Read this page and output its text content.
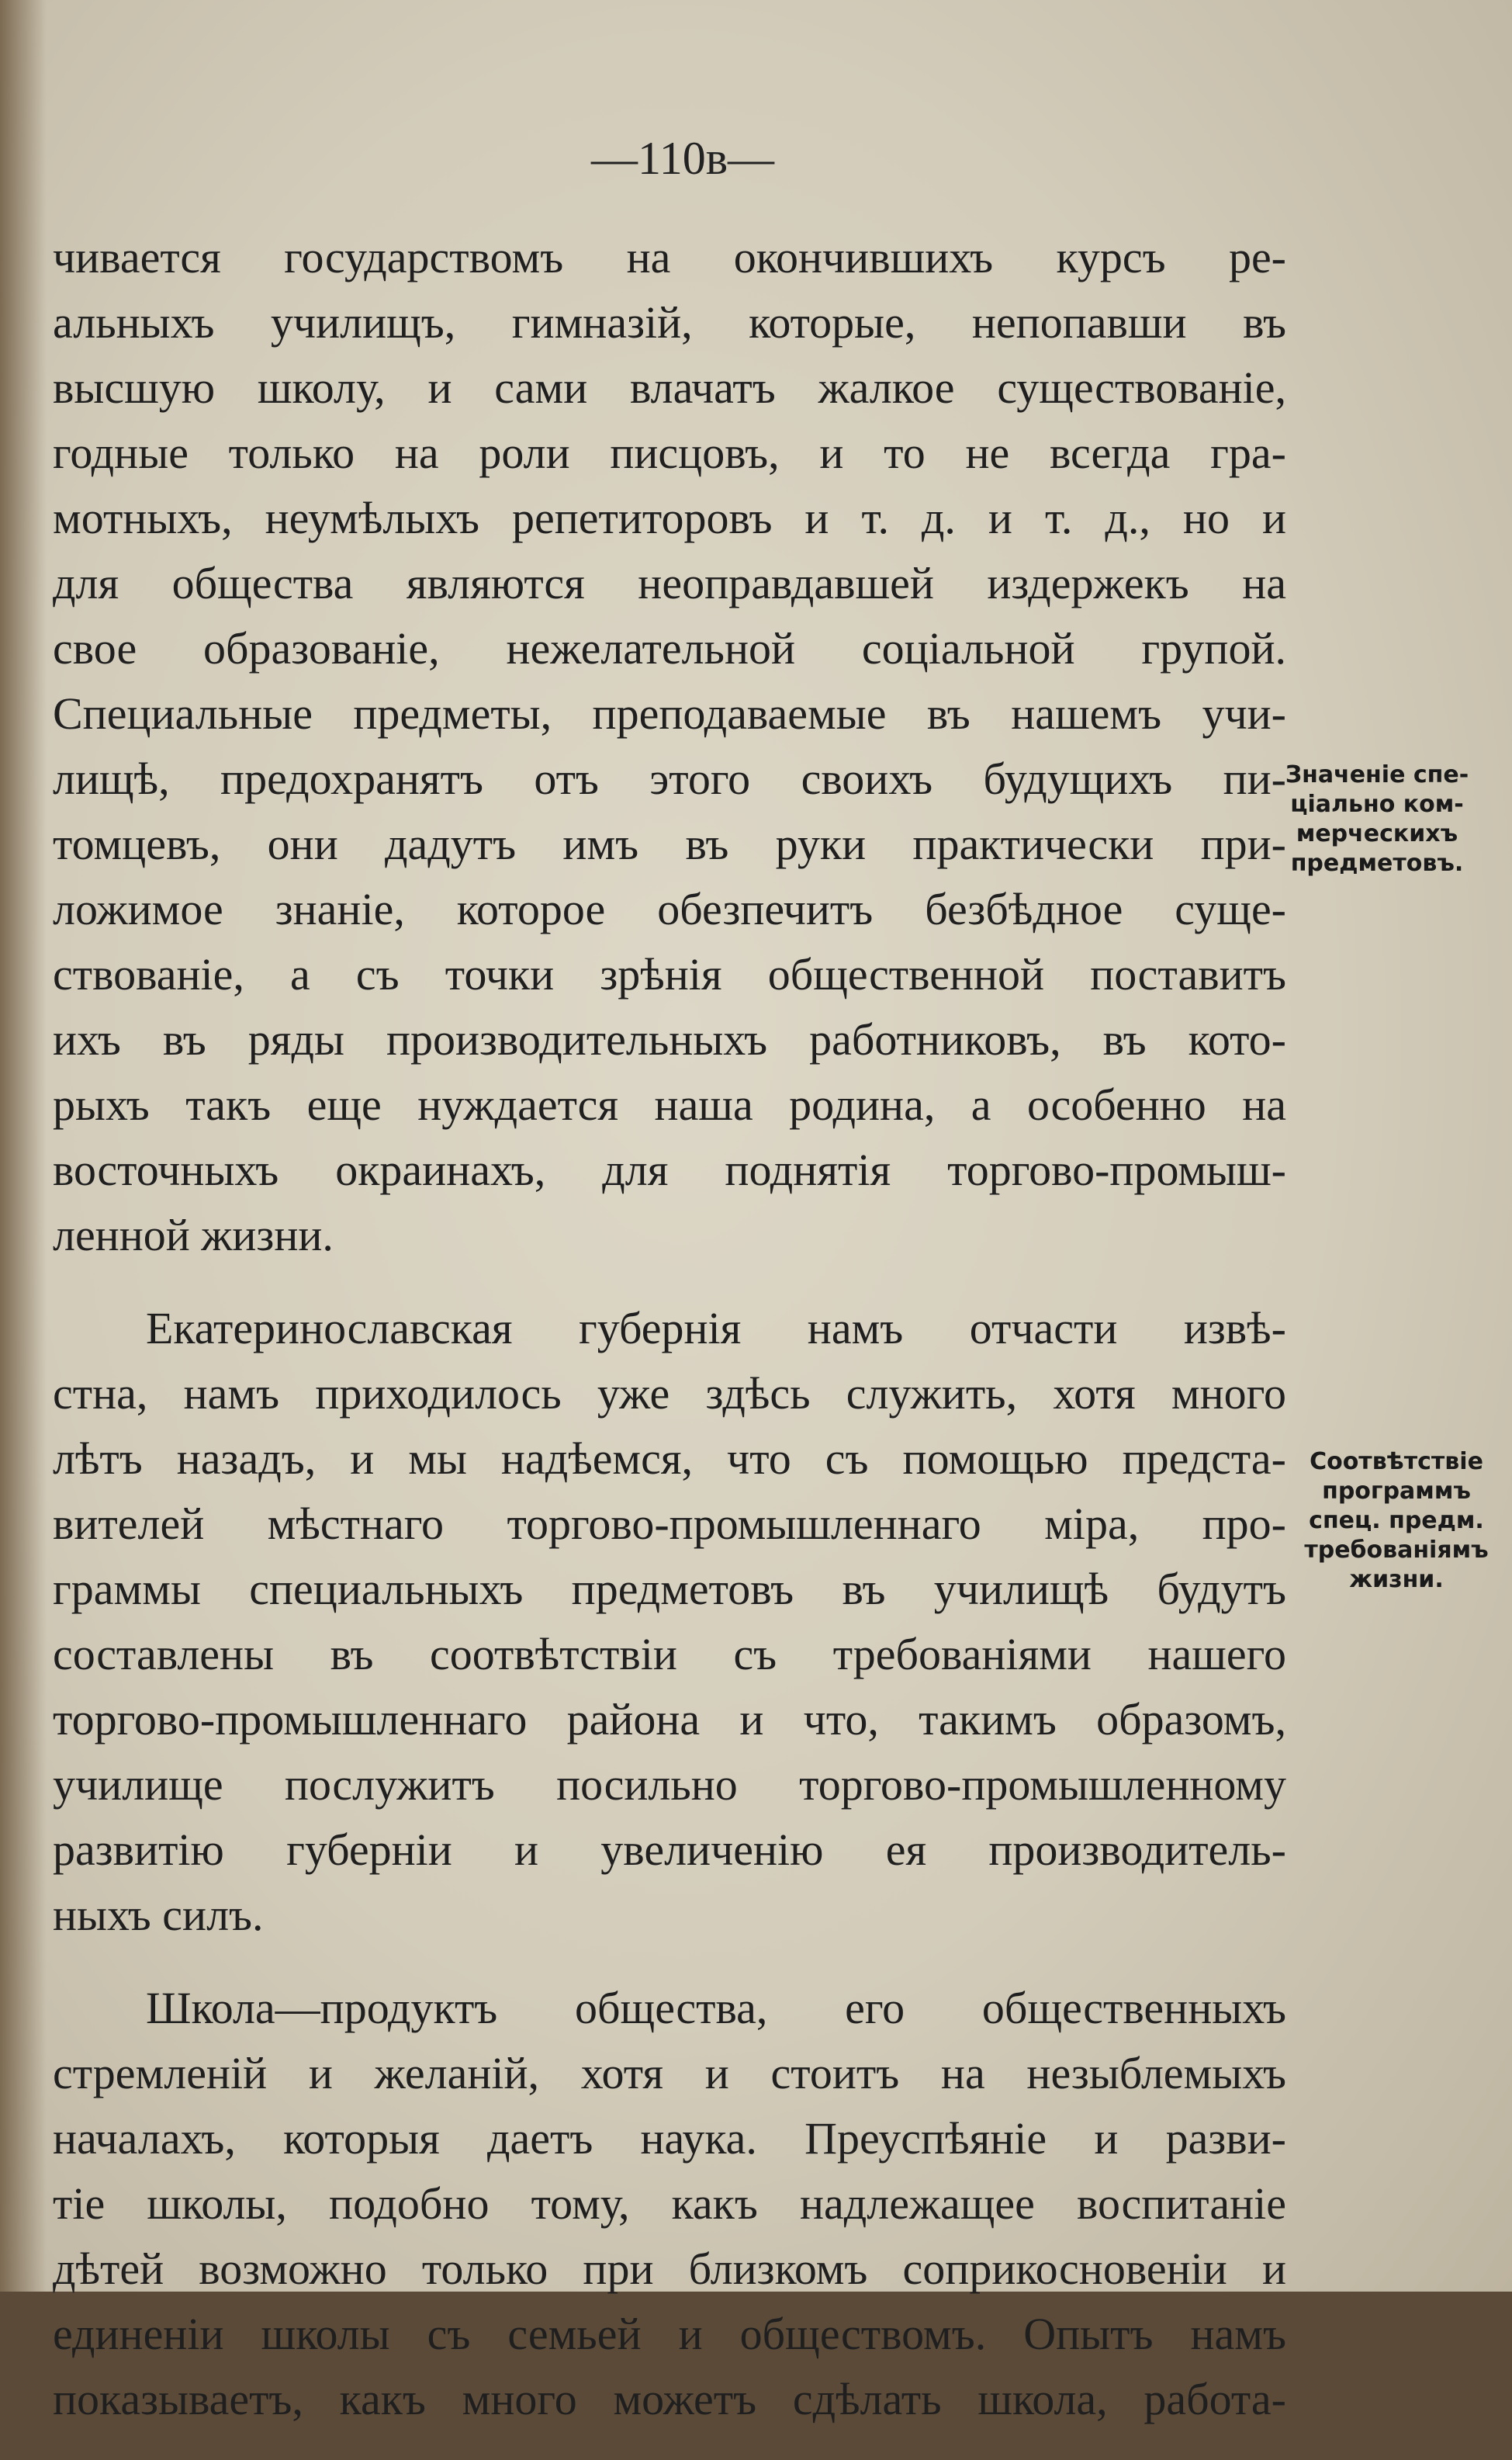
—110в—
чивается государствомъ на окончившихъ курсъ ре-
альныхъ училищъ, гимназій, которые, непопавши въ
высшую школу, и сами влачатъ жалкое существованіе,
годные только на роли писцовъ, и то не всегда гра-
мотныхъ, неумѣлыхъ репетиторовъ и т. д. и т. д., но и
для общества являются неоправдавшей издержекъ на
свое образованіе, нежелательной соціальной групой.
Специальные предметы, преподаваемые въ нашемъ учи-
лищѣ, предохранятъ отъ этого своихъ будущихъ пи-
томцевъ, они дадутъ имъ въ руки практически при-
ложимое знаніе, которое обезпечитъ безбѣдное суще-
ствованіе, а съ точки зрѣнія общественной поставитъ
ихъ въ ряды производительныхъ работниковъ, въ кото-
рыхъ такъ еще нуждается наша родина, а особенно на
восточныхъ окраинахъ, для поднятія торгово-промыш-
ленной жизни.
Екатеринославская губернія намъ отчасти извѣ-
стна, намъ приходилось уже здѣсь служить, хотя много
лѣтъ назадъ, и мы надѣемся, что съ помощью предста-
вителей мѣстнаго торгово-промышленнаго міра, про-
граммы специальныхъ предметовъ въ училищѣ будутъ
составлены въ соотвѣтствіи съ требованіями нашего
торгово-промышленнаго района и что, такимъ образомъ,
училище послужитъ посильно торгово-промышленному
развитію губерніи и увеличенію ея производитель-
ныхъ силъ.
Школа—продуктъ общества, его общественныхъ
стремленій и желаній, хотя и стоитъ на незыблемыхъ
началахъ, которыя даетъ наука. Преуспѣяніе и разви-
тіе школы, подобно тому, какъ надлежащее воспитаніе
дѣтей возможно только при близкомъ соприкосновеніи и
единеніи школы съ семьей и обществомъ. Опытъ намъ
показываетъ, какъ много можетъ сдѣлать школа, работа-
Значеніе спе-
ціально ком-
мерческихъ
предметовъ.
Соотвѣтствіе
программъ
спец. предм.
требованіямъ
жизни.
